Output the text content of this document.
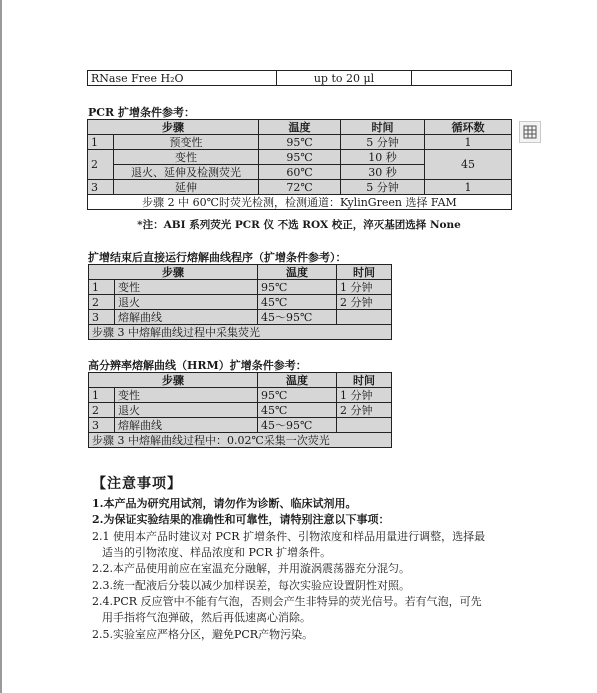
RNase Free H₂O	up to 20 μl	
PCR 扩增条件参考：
步骤		温度	时间	循环数
1	预变性	95℃	5 分钟	1
2	变性	95℃	10 秒	45
	退火、延伸及检测荧光	60℃	30 秒	
3	延伸	72℃	5 分钟	1
步骤 2 中 60℃时荧光检测，检测通道：KylinGreen 选择 FAM				
*注：ABI 系列荧光 PCR 仪 不选 ROX 校正，淬灭基团选择 None
扩增结束后直接运行熔解曲线程序（扩增条件参考）：
步骤		温度	时间
1	变性	95℃	1 分钟
2	退火	45℃	2 分钟
3	熔解曲线	45～95℃	
步骤 3 中熔解曲线过程中采集荧光			
高分辨率熔解曲线（HRM）扩增条件参考：
步骤		温度	时间
1	变性	95℃	1 分钟
2	退火	45℃	2 分钟
3	熔解曲线	45～95℃	
步骤 3 中熔解曲线过程中：0.02℃采集一次荧光			
【注意事项】
1.本产品为研究用试剂，请勿作为诊断、临床试剂用。
2.为保证实验结果的准确性和可靠性，请特别注意以下事项：
2.1 使用本产品时建议对 PCR 扩增条件、引物浓度和样品用量进行调整，选择最
适当的引物浓度、样品浓度和 PCR 扩增条件。
2.2.本产品使用前应在室温充分融解，并用漩涡震荡器充分混匀。
2.3.统一配液后分装以减少加样误差，每次实验应设置阴性对照。
2.4.PCR 反应管中不能有气泡，否则会产生非特异的荧光信号。若有气泡，可先
用手指将气泡弹破，然后再低速离心消除。
2.5.实验室应严格分区，避免PCR产物污染。
